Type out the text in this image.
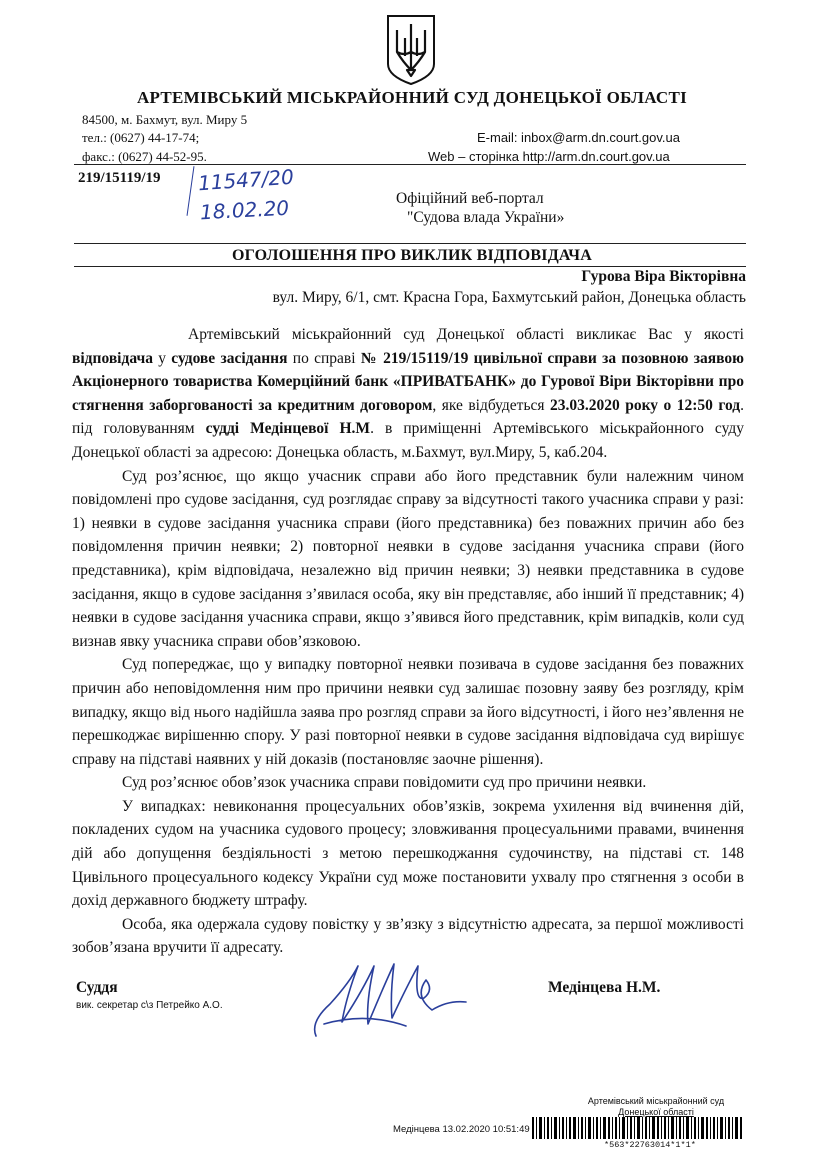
АРТЕМІВСЬКИЙ МІСЬКРАЙОННИЙ СУД ДОНЕЦЬКОЇ ОБЛАСТІ
84500, м. Бахмут, вул. Миру 5
тел.: (0627) 44-17-74;
факс.: (0627) 44-52-95.
E-mail: inbox@arm.dn.court.gov.ua
Web – сторінка http://arm.dn.court.gov.ua
219/15119/19 11547/20
18.02.20	Офіційний веб-портал
"Судова влада України»
ОГОЛОШЕННЯ ПРО ВИКЛИК ВІДПОВІДАЧА
Гурова Віра Вікторівна
вул. Миру, 6/1, смт. Красна Гора, Бахмутський район, Донецька область

Артемівський міськрайонний суд Донецької області викликає Вас у якості відповідача у судове засідання по справі № 219/15119/19 цивільної справи за позовною заявою Акціонерного товариства Комерційний банк «ПРИВАТБАНК» до Гурової Віри Вікторівни про стягнення заборгованості за кредитним договором, яке відбудеться 23.03.2020 року о 12:50 год. під головуванням судді Медінцевої Н.М. в приміщенні Артемівського міськрайонного суду Донецької області за адресою: Донецька область, м.Бахмут, вул.Миру, 5, каб.204.

Суд роз’яснює, що якщо учасник справи або його представник були належним чином повідомлені про судове засідання, суд розглядає справу за відсутності такого учасника справи у разі: 1) неявки в судове засідання учасника справи (його представника) без поважних причин або без повідомлення причин неявки; 2) повторної неявки в судове засідання учасника справи (його представника), крім відповідача, незалежно від причин неявки; 3) неявки представника в судове засідання, якщо в судове засідання з’явилася особа, яку він представляє, або інший її представник; 4) неявки в судове засідання учасника справи, якщо з’явився його представник, крім випадків, коли суд визнав явку учасника справи обов’язковою.

Суд попереджає, що у випадку повторної неявки позивача в судове засідання без поважних причин або неповідомлення ним про причини неявки суд залишає позовну заяву без розгляду, крім випадку, якщо від нього надійшла заява про розгляд справи за його відсутності, і його нез’явлення не перешкоджає вирішенню спору. У разі повторної неявки в судове засідання відповідача суд вирішує справу на підставі наявних у ній доказів (постановляє заочне рішення).

Суд роз’яснює обов’язок учасника справи повідомити суд про причини неявки.

У випадках: невиконання процесуальних обов’язків, зокрема ухилення від вчинення дій, покладених судом на учасника судового процесу; зловживання процесуальними правами, вчинення дій або допущення бездіяльності з метою перешкоджання судочинству, на підставі ст. 148 Цивільного процесуального кодексу України суд може постановити ухвалу про стягнення з особи в дохід державного бюджету штрафу.

Особа, яка одержала судову повістку у зв’язку з відсутністю адресата, за першої можливості зобов’язана вручити її адресату.

Суддя
вик. секретар с\з Петрейко А.О.
Медінцева Н.М.
Артемівський міськрайонний суд
Донецької області
Медінцева 13.02.2020 10:51:49
*563*22763014*1*1*
